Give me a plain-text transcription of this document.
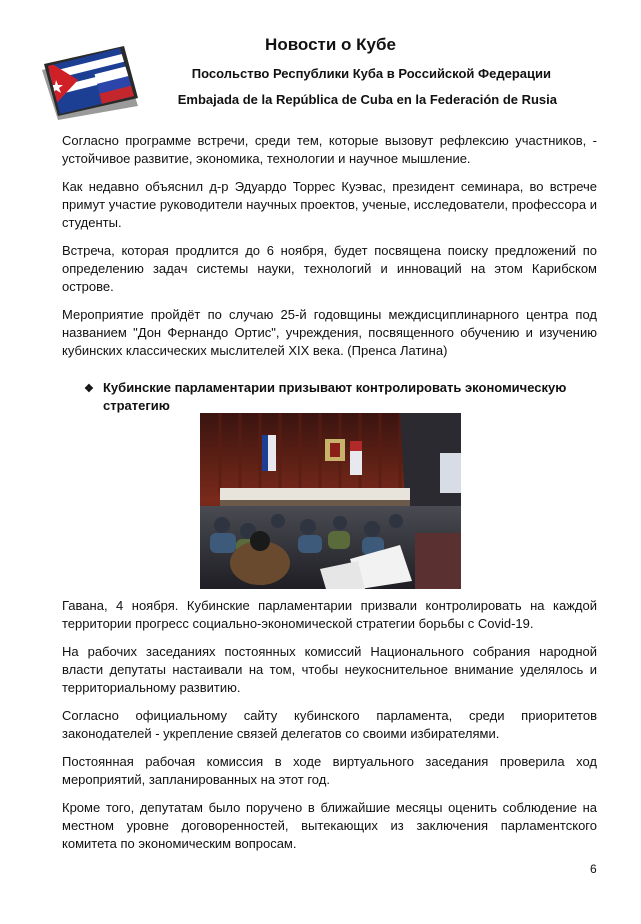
Новости о Кубе

Посольство Республики Куба в Российской Федерации

Embajada de la República de Cuba en la Federación de Rusia

Согласно программе встречи, среди тем, которые вызовут рефлексию участников, - устойчивое развитие, экономика, технологии и научное мышление.

Как недавно объяснил д-р Эдуардо Торрес Куэвас, президент семинара, во встрече примут участие руководители научных проектов, ученые, исследователи, профессора и студенты.

Встреча, которая продлится до 6 ноября, будет посвящена поиску предложений по определению задач системы науки, технологий и инноваций на этом Карибском острове.

Мероприятие пройдёт по случаю 25-й годовщины междисциплинарного центра под названием "Дон Фернандо Ортис", учреждения, посвященного обучению и изучению кубинских классических мыслителей XIX века. (Пренса Латина)

❖ Кубинские парламентарии призывают контролировать экономическую стратегию

Гавана, 4 ноября. Кубинские парламентарии призвали контролировать на каждой территории прогресс социально-экономической стратегии борьбы с Covid-19.

На рабочих заседаниях постоянных комиссий Национального собрания народной власти депутаты настаивали на том, чтобы неукоснительное внимание уделялось и территориальному развитию.

Согласно официальному сайту кубинского парламента, среди приоритетов законодателей - укрепление связей делегатов со своими избирателями.

Постоянная рабочая комиссия в ходе виртуального заседания проверила ход мероприятий, запланированных на этот год.

Кроме того, депутатам было поручено в ближайшие месяцы оценить соблюдение на местном уровне договоренностей, вытекающих из заключения парламентского комитета по экономическим вопросам.

6
